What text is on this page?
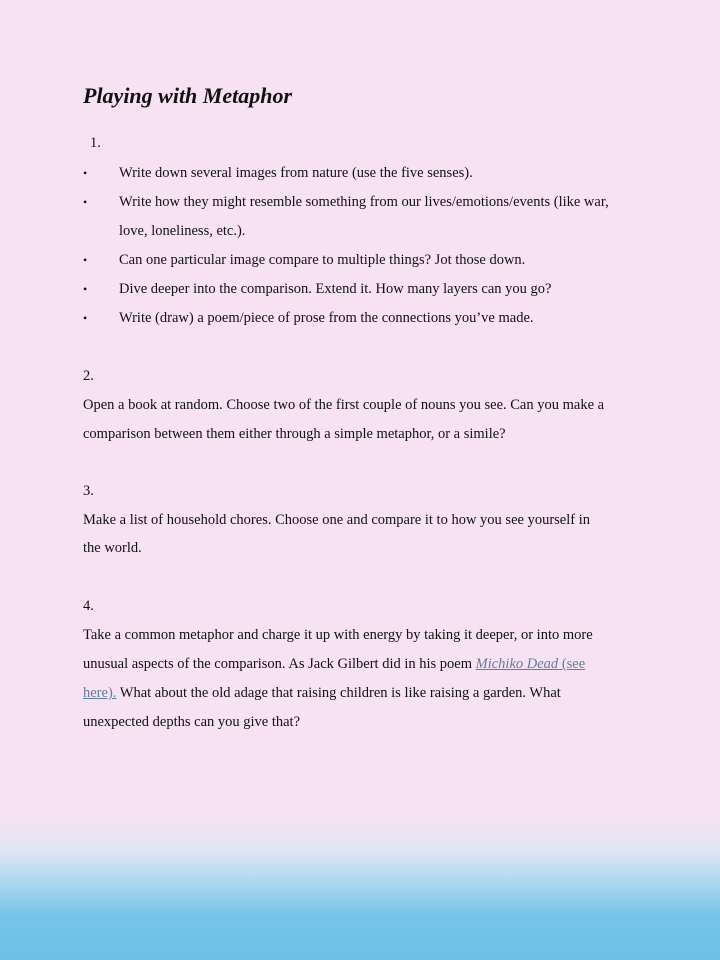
Playing with Metaphor
1.
• Write down several images from nature (use the five senses).
• Write how they might resemble something from our lives/emotions/events (like war,
love, loneliness, etc.).
• Can one particular image compare to multiple things? Jot those down.
• Dive deeper into the comparison. Extend it. How many layers can you go?
• Write (draw) a poem/piece of prose from the connections you’ve made.
2.
Open a book at random. Choose two of the first couple of nouns you see. Can you make a
comparison between them either through a simple metaphor, or a simile?
3.
Make a list of household chores. Choose one and compare it to how you see yourself in
the world.
4.
Take a common metaphor and charge it up with energy by taking it deeper, or into more
unusual aspects of the comparison. As Jack Gilbert did in his poem Michiko Dead (see
here). What about the old adage that raising children is like raising a garden. What
unexpected depths can you give that?
